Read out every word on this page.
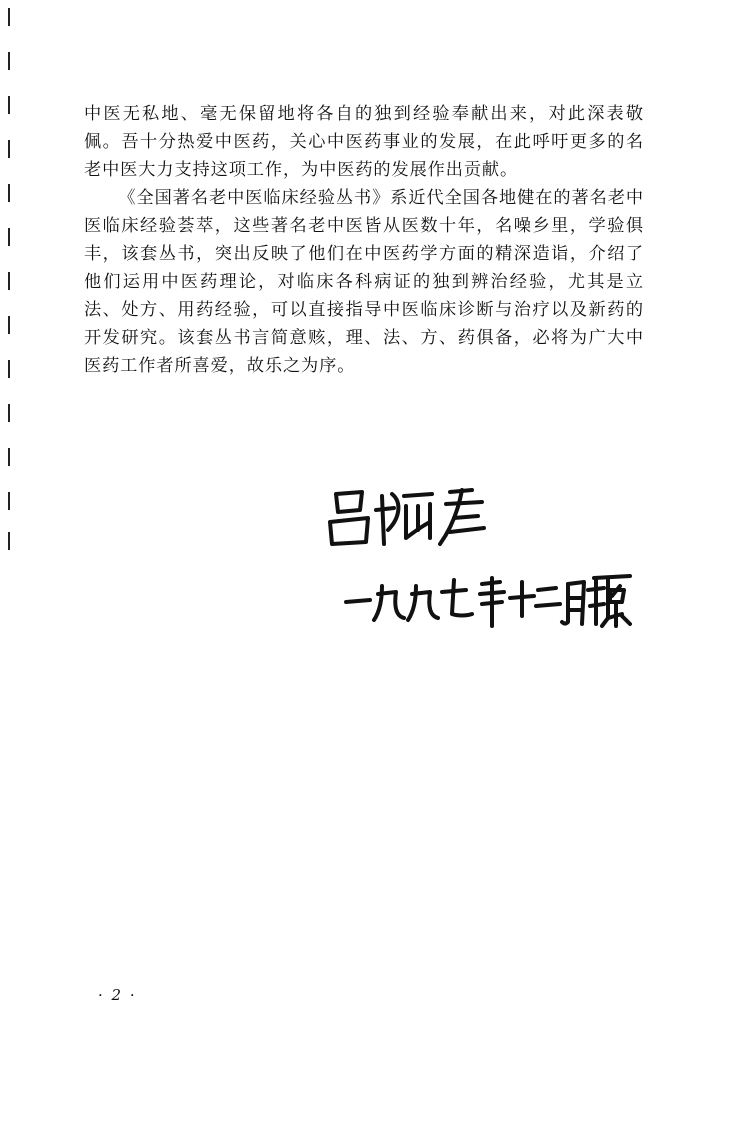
中医无私地、毫无保留地将各自的独到经验奉献出来，对此深表敬佩。吾十分热爱中医药，关心中医药事业的发展，在此呼吁更多的名老中医大力支持这项工作，为中医药的发展作出贡献。

《全国著名老中医临床经验丛书》系近代全国各地健在的著名老中医临床经验荟萃，这些著名老中医皆从医数十年，名噪乡里，学验俱丰，该套丛书，突出反映了他们在中医药学方面的精深造诣，介绍了他们运用中医药理论，对临床各科病证的独到辨治经验，尤其是立法、处方、用药经验，可以直接指导中医临床诊断与治疗以及新药的开发研究。该套丛书言简意赅，理、法、方、药俱备，必将为广大中医药工作者所喜爱，故乐之为序。

· 2 ·
